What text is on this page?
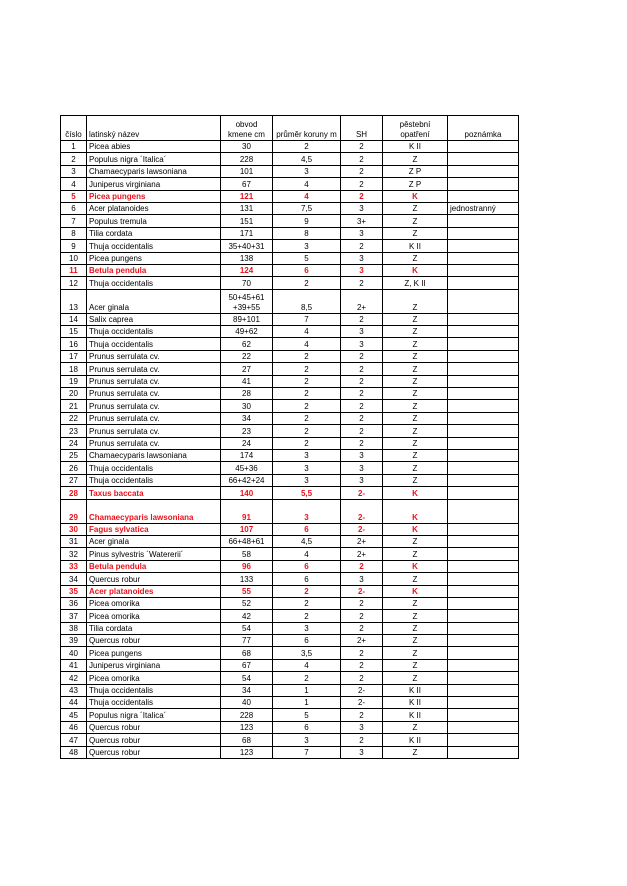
číslo	latinský název	obvod kmene cm	průměr koruny m	SH	pěstební opatření	poznámka
1	Picea abies	30	2	2	K II	
2	Populus nigra ´Italica´	228	4,5	2	Z	
3	Chamaecyparis lawsoniana	101	3	2	Z P	
4	Juniperus virginiana	67	4	2	Z P	
5	Picea pungens	121	4	2	K	
6	Acer platanoides	131	7,5	3	Z	jednostranný
7	Populus tremula	151	9	3+	Z	
8	Tilia cordata	171	8	3	Z	
9	Thuja occidentalis	35+40+31	3	2	K II	
10	Picea pungens	138	5	3	Z	
11	Betula pendula	124	6	3	K	
12	Thuja occidentalis	70	2	2	Z, K II	
13	Acer ginala	50+45+61 +39+55	8,5	2+	Z	
14	Salix caprea	89+101	7	2	Z	
15	Thuja occidentalis	49+62	4	3	Z	
16	Thuja occidentalis	62	4	3	Z	
17	Prunus serrulata cv.	22	2	2	Z	
18	Prunus serrulata cv.	27	2	2	Z	
19	Prunus serrulata cv.	41	2	2	Z	
20	Prunus serrulata cv.	28	2	2	Z	
21	Prunus serrulata cv.	30	2	2	Z	
22	Prunus serrulata cv.	34	2	2	Z	
23	Prunus serrulata cv.	23	2	2	Z	
24	Prunus serrulata cv.	24	2	2	Z	
25	Chamaecyparis lawsoniana	174	3	3	Z	
26	Thuja occidentalis	45+36	3	3	Z	
27	Thuja occidentalis	66+42+24	3	3	Z	
28	Taxus baccata	140	5,5	2-	K	
29	Chamaecyparis lawsoniana	91	3	2-	K	
30	Fagus sylvatica	107	6	2-	K	
31	Acer ginala	66+48+61	4,5	2+	Z	
32	Pinus sylvestris ´Watererii´	58	4	2+	Z	
33	Betula pendula	96	6	2	K	
34	Quercus robur	133	6	3	Z	
35	Acer platanoides	55	2	2-	K	
36	Picea omorika	52	2	2	Z	
37	Picea omorika	42	2	2	Z	
38	Tilia cordata	54	3	2	Z	
39	Quercus robur	77	6	2+	Z	
40	Picea pungens	68	3,5	2	Z	
41	Juniperus virginiana	67	4	2	Z	
42	Picea omorika	54	2	2	Z	
43	Thuja occidentalis	34	1	2-	K II	
44	Thuja occidentalis	40	1	2-	K II	
45	Populus nigra ´Italica´	228	5	2	K II	
46	Quercus robur	123	6	3	Z	
47	Quercus robur	68	3	2	K II	
48	Quercus robur	123	7	3	Z	
